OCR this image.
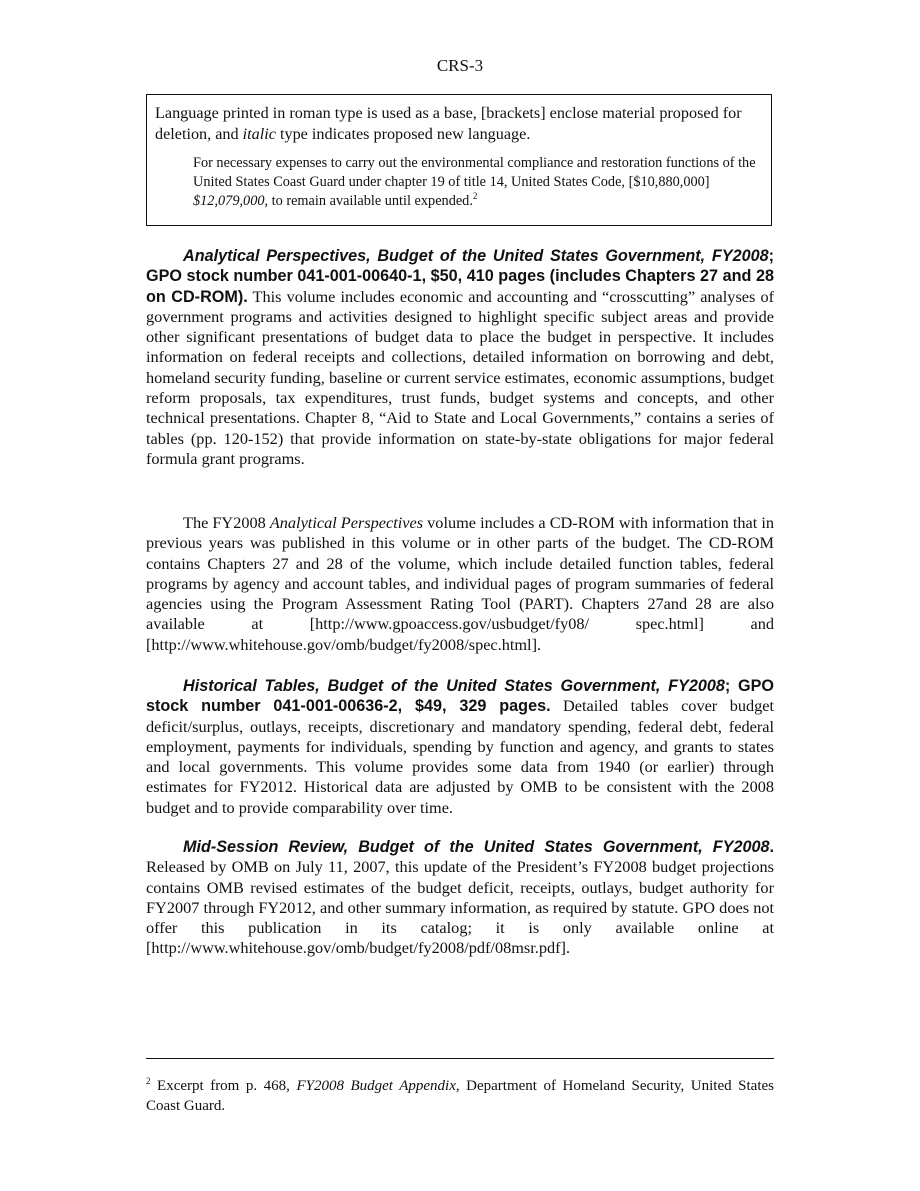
CRS-3

Language printed in roman type is used as a base, [brackets] enclose material proposed for deletion, and italic type indicates proposed new language.

For necessary expenses to carry out the environmental compliance and restoration functions of the United States Coast Guard under chapter 19 of title 14, United States Code, [$10,880,000] $12,079,000, to remain available until expended.$^2$

Analytical Perspectives, Budget of the United States Government, FY2008; GPO stock number 041-001-00640-1, $50, 410 pages (includes Chapters 27 and 28 on CD-ROM). This volume includes economic and accounting and “crosscutting” analyses of government programs and activities designed to highlight specific subject areas and provide other significant presentations of budget data to place the budget in perspective. It includes information on federal receipts and collections, detailed information on borrowing and debt, homeland security funding, baseline or current service estimates, economic assumptions, budget reform proposals, tax expenditures, trust funds, budget systems and concepts, and other technical presentations. Chapter 8, “Aid to State and Local Governments,” contains a series of tables (pp. 120-152) that provide information on state-by-state obligations for major federal formula grant programs.

The FY2008 Analytical Perspectives volume includes a CD-ROM with information that in previous years was published in this volume or in other parts of the budget. The CD-ROM contains Chapters 27 and 28 of the volume, which include detailed function tables, federal programs by agency and account tables, and individual pages of program summaries of federal agencies using the Program Assessment Rating Tool (PART). Chapters 27and 28 are also available at [http://www.gpoaccess.gov/usbudget/fy08/ spec.html] and [http://www.whitehouse.gov/omb/budget/fy2008/spec.html].

Historical Tables, Budget of the United States Government, FY2008; GPO stock number 041-001-00636-2, $49, 329 pages. Detailed tables cover budget deficit/surplus, outlays, receipts, discretionary and mandatory spending, federal debt, federal employment, payments for individuals, spending by function and agency, and grants to states and local governments. This volume provides some data from 1940 (or earlier) through estimates for FY2012. Historical data are adjusted by OMB to be consistent with the 2008 budget and to provide comparability over time.

Mid-Session Review, Budget of the United States Government, FY2008. Released by OMB on July 11, 2007, this update of the President’s FY2008 budget projections contains OMB revised estimates of the budget deficit, receipts, outlays, budget authority for FY2007 through FY2012, and other summary information, as required by statute. GPO does not offer this publication in its catalog; it is only available online at [http://www.whitehouse.gov/omb/budget/fy2008/pdf/08msr.pdf].

$^2$ Excerpt from p. 468, FY2008 Budget Appendix, Department of Homeland Security, United States Coast Guard.
